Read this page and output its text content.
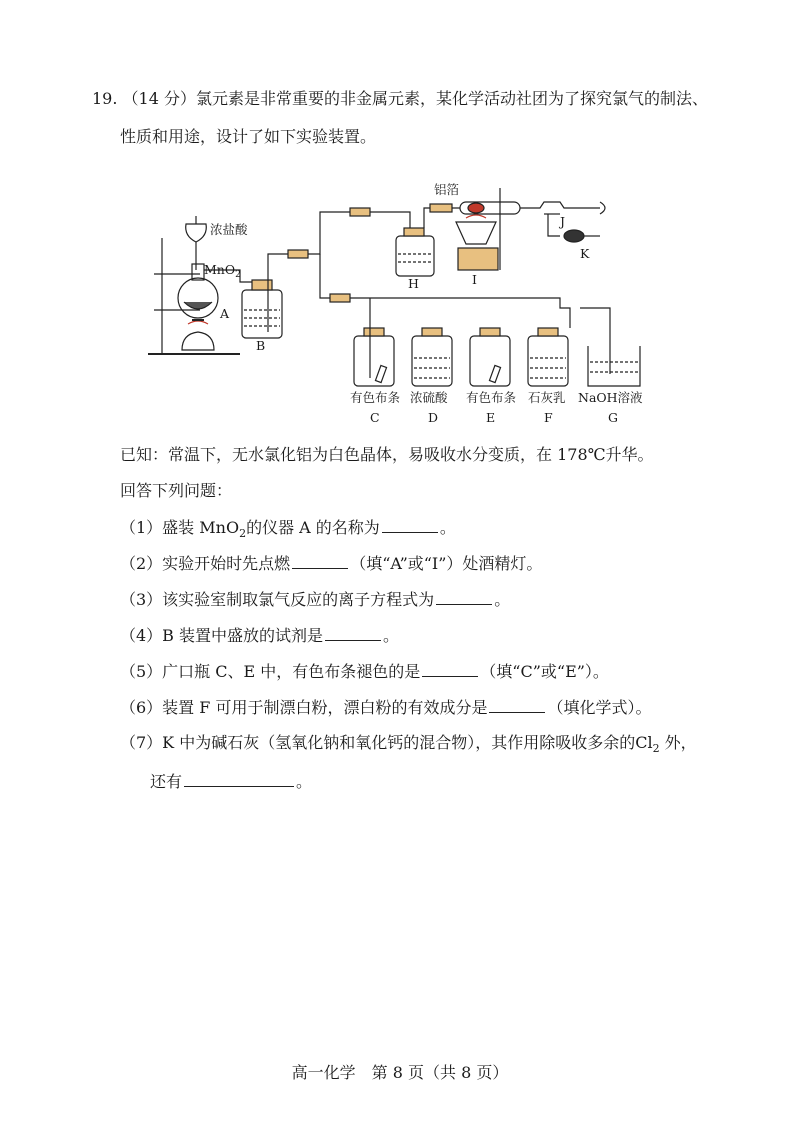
19. （14 分）氯元素是非常重要的非金属元素，某化学活动社团为了探究氯气的制法、
性质和用途，设计了如下实验装置。
浓盐酸
MnO$_2$
A
B
铝箔
H	I
J
K
有色布条 浓硫酸 有色布条 石灰乳 NaOH溶液
C	D	E	F	G
已知：常温下，无水氯化铝为白色晶体，易吸收水分变质，在 178℃升华。
回答下列问题：
（1）盛装 MnO$_2$的仪器 A 的名称为	。
（2）实验开始时先点燃	（填“A”或“I”）处酒精灯。
（3）该实验室制取氯气反应的离子方程式为	。
（4）B 装置中盛放的试剂是	。
（5）广口瓶 C、E 中，有色布条褪色的是	（填“C”或“E”）。
（6）装置 F 可用于制漂白粉，漂白粉的有效成分是	（填化学式）。
（7）K 中为碱石灰（氢氧化钠和氧化钙的混合物），其作用除吸收多余的$Cl_2$ 外，
还有	。
高一化学　第 8 页（共 8 页）
